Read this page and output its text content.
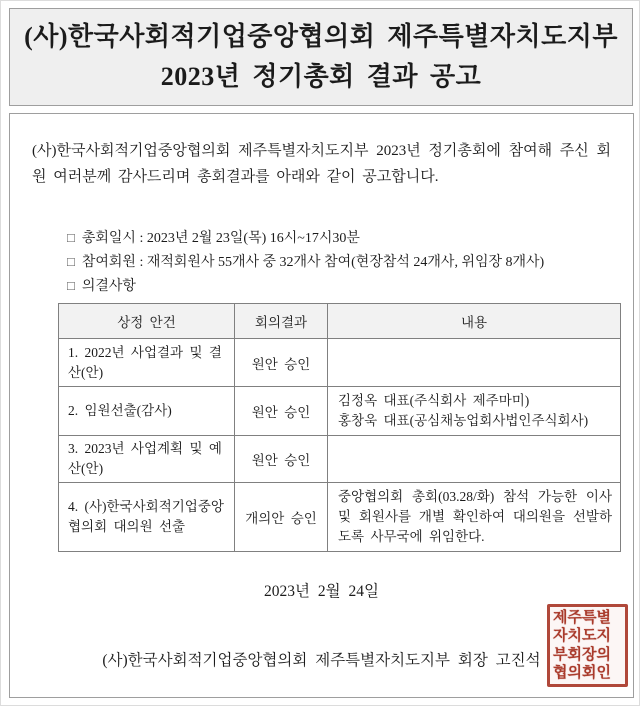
(사)한국사회적기업중앙협의회 제주특별자치도지부
2023년 정기총회 결과 공고

(사)한국사회적기업중앙협의회 제주특별자치도지부 2023년 정기총회에 참여해 주신 회원 여러분께 감사드리며 총회결과를 아래와 같이 공고합니다.

□ 총회일시 : 2023년 2월 23일(목) 16시~17시30분
□ 참여회원 : 재적회원사 55개사 중 32개사 참여(현장참석 24개사, 위임장 8개사)
□ 의결사항
상정 안건	회의결과	내용
1. 2022년 사업결과 및 결산(안)	원안 승인	
2. 임원선출(감사)	원안 승인	김정옥 대표(주식회사 제주마미)
홍창욱 대표(공심채농업회사법인주식회사)

3. 2023년 사업계획 및 예산(안)	원안 승인	
4. (사)한국사회적기업중앙협의회 대의원 선출	개의안 승인	중앙협의회 총회(03.28/화) 참석 가능한 이사 및 회원사를 개별 확인하여 대의원을 선발하도록 사무국에 위임한다.
2023년 2월 24일
(사)한국사회적기업중앙협의회 제주특별자치도지부 회장 고진석
제주특별
자치도지
부회장의
협의회인
